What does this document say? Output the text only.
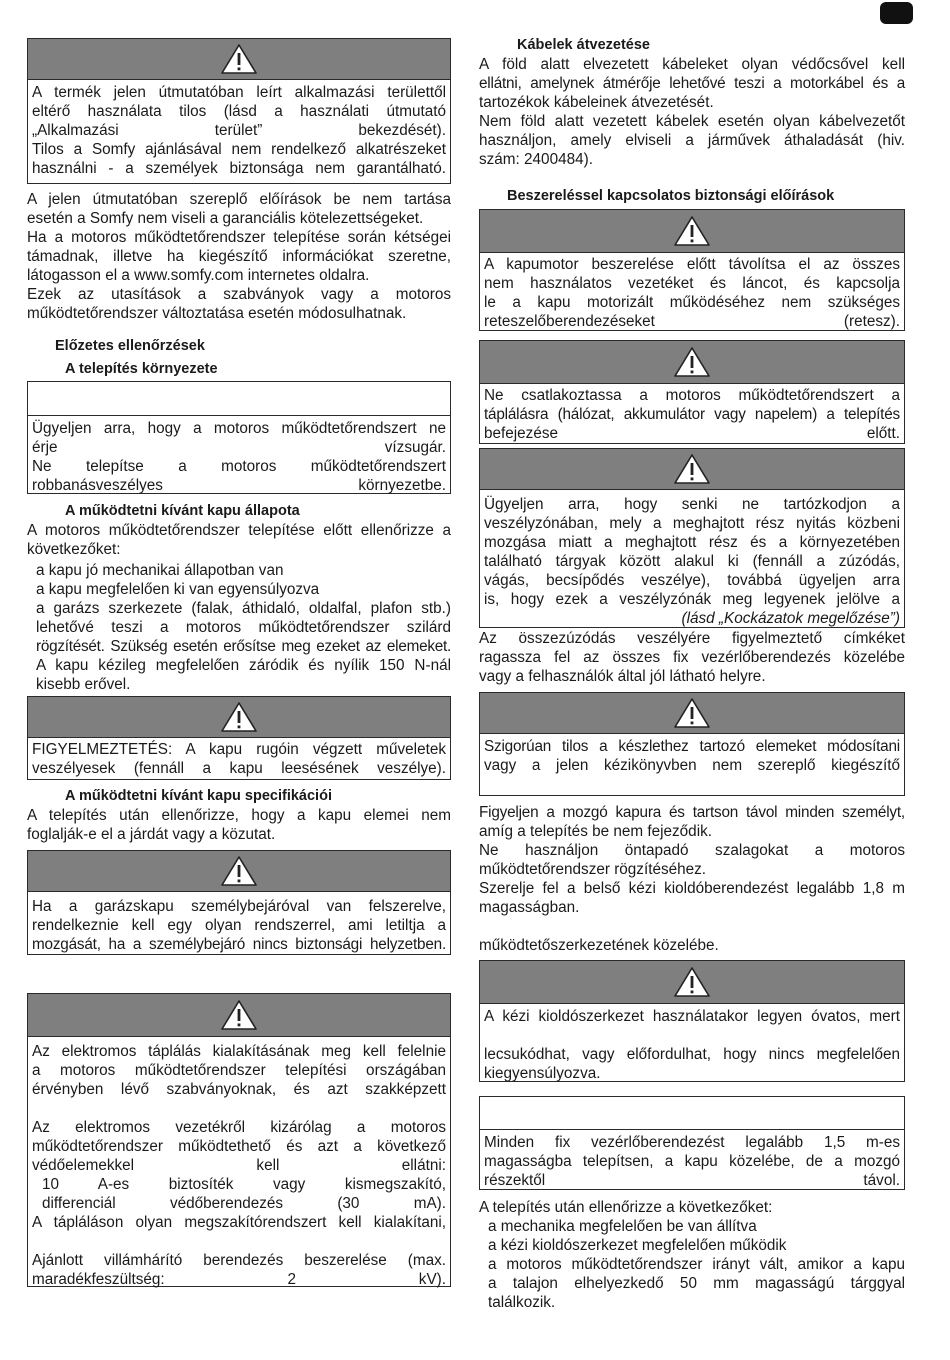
A termék jelen útmutatóban leírt alkalmazási területtől
eltérő használata tilos (lásd a használati útmutató
„Alkalmazási terület” bekezdését).
Tilos a Somfy ajánlásával nem rendelkező alkatrészeket
használni - a személyek biztonsága nem garantálható.
A jelen útmutatóban szereplő előírások be nem tartása
esetén a Somfy nem viseli a garanciális kötelezettségeket.
Ha a motoros működtetőrendszer telepítése során kétségei
támadnak, illetve ha kiegészítő információkat szeretne,
látogasson el a www.somfy.com internetes oldalra.
Ezek az utasítások a szabványok vagy a motoros
működtetőrendszer változtatása esetén módosulhatnak.
Előzetes ellenőrzések
A telepítés környezete
Ügyeljen arra, hogy a motoros működtetőrendszert ne
érje vízsugár.
Ne telepítse a motoros működtetőrendszert
robbanásveszélyes környezetbe.
A működtetni kívánt kapu állapota
A motoros működtetőrendszer telepítése előtt ellenőrizze a
következőket:
a kapu jó mechanikai állapotban van
a kapu megfelelően ki van egyensúlyozva
a garázs szerkezete (falak, áthidaló, oldalfal, plafon stb.)
lehetővé teszi a motoros működtetőrendszer szilárd
rögzítését. Szükség esetén erősítse meg ezeket az elemeket.
A kapu kézileg megfelelően záródik és nyílik 150 N-nál
kisebb erővel.
FIGYELMEZTETÉS: A kapu rugóin végzett műveletek
veszélyesek (fennáll a kapu leesésének veszélye).
A működtetni kívánt kapu specifikációi
A telepítés után ellenőrizze, hogy a kapu elemei nem
foglalják-e el a járdát vagy a közutat.
Ha a garázskapu személybejáróval van felszerelve,
rendelkeznie kell egy olyan rendszerrel, ami letiltja a
mozgását, ha a személybejáró nincs biztonsági helyzetben.
Az elektromos táplálás kialakításának meg kell felelnie
a motoros működtetőrendszer telepítési országában
érvényben lévő szabványoknak, és azt szakképzett
Az elektromos vezetékről kizárólag a motoros
működtetőrendszer működtethető és azt a következő
védőelemekkel kell ellátni:
10 A-es biztosíték vagy kismegszakító,
differenciál védőberendezés (30 mA).
A tápláláson olyan megszakítórendszert kell kialakítani,
Ajánlott villámhárító berendezés beszerelése (max.
maradékfeszültség: 2 kV).
Kábelek átvezetése
A föld alatt elvezetett kábeleket olyan védőcsővel kell
ellátni, amelynek átmérője lehetővé teszi a motorkábel és a
tartozékok kábeleinek átvezetését.
Nem föld alatt vezetett kábelek esetén olyan kábelvezetőt
használjon, amely elviseli a járművek áthaladását (hiv.
szám: 2400484).
Beszereléssel kapcsolatos biztonsági előírások
A kapumotor beszerelése előtt távolítsa el az összes
nem használatos vezetéket és láncot, és kapcsolja
le a kapu motorizált működéséhez nem szükséges
reteszelőberendezéseket (retesz).
Ne csatlakoztassa a motoros működtetőrendszert a
táplálásra (hálózat, akkumulátor vagy napelem) a telepítés
befejezése előtt.
Ügyeljen arra, hogy senki ne tartózkodjon a
veszélyzónában, mely a meghajtott rész nyitás közbeni
mozgása miatt a meghajtott rész és a környezetében
található tárgyak között alakul ki (fennáll a zúzódás,
vágás, becsípődés veszélye), továbbá ügyeljen arra
is, hogy ezek a veszélyzónák meg legyenek jelölve a
(lásd „Kockázatok megelőzése”)
Az összezúzódás veszélyére figyelmeztető címkéket
ragassza fel az összes fix vezérlőberendezés közelébe
vagy a felhasználók által jól látható helyre.
Szigorúan tilos a készlethez tartozó elemeket módosítani
vagy a jelen kézikönyvben nem szereplő kiegészítő
Figyeljen a mozgó kapura és tartson távol minden személyt,
amíg a telepítés be nem fejeződik.
Ne használjon öntapadó szalagokat a motoros
működtetőrendszer rögzítéséhez.
Szerelje fel a belső kézi kioldóberendezést legalább 1,8 m
magasságban.
működtetőszerkezetének közelébe.
A kézi kioldószerkezet használatakor legyen óvatos, mert
lecsukódhat, vagy előfordulhat, hogy nincs megfelelően
kiegyensúlyozva.
Minden fix vezérlőberendezést legalább 1,5 m-es
magasságba telepítsen, a kapu közelébe, de a mozgó
részektől távol.
A telepítés után ellenőrizze a következőket:
a mechanika megfelelően be van állítva
a kézi kioldószerkezet megfelelően működik
a motoros működtetőrendszer irányt vált, amikor a kapu
a talajon elhelyezkedő 50 mm magasságú tárggyal
találkozik.
